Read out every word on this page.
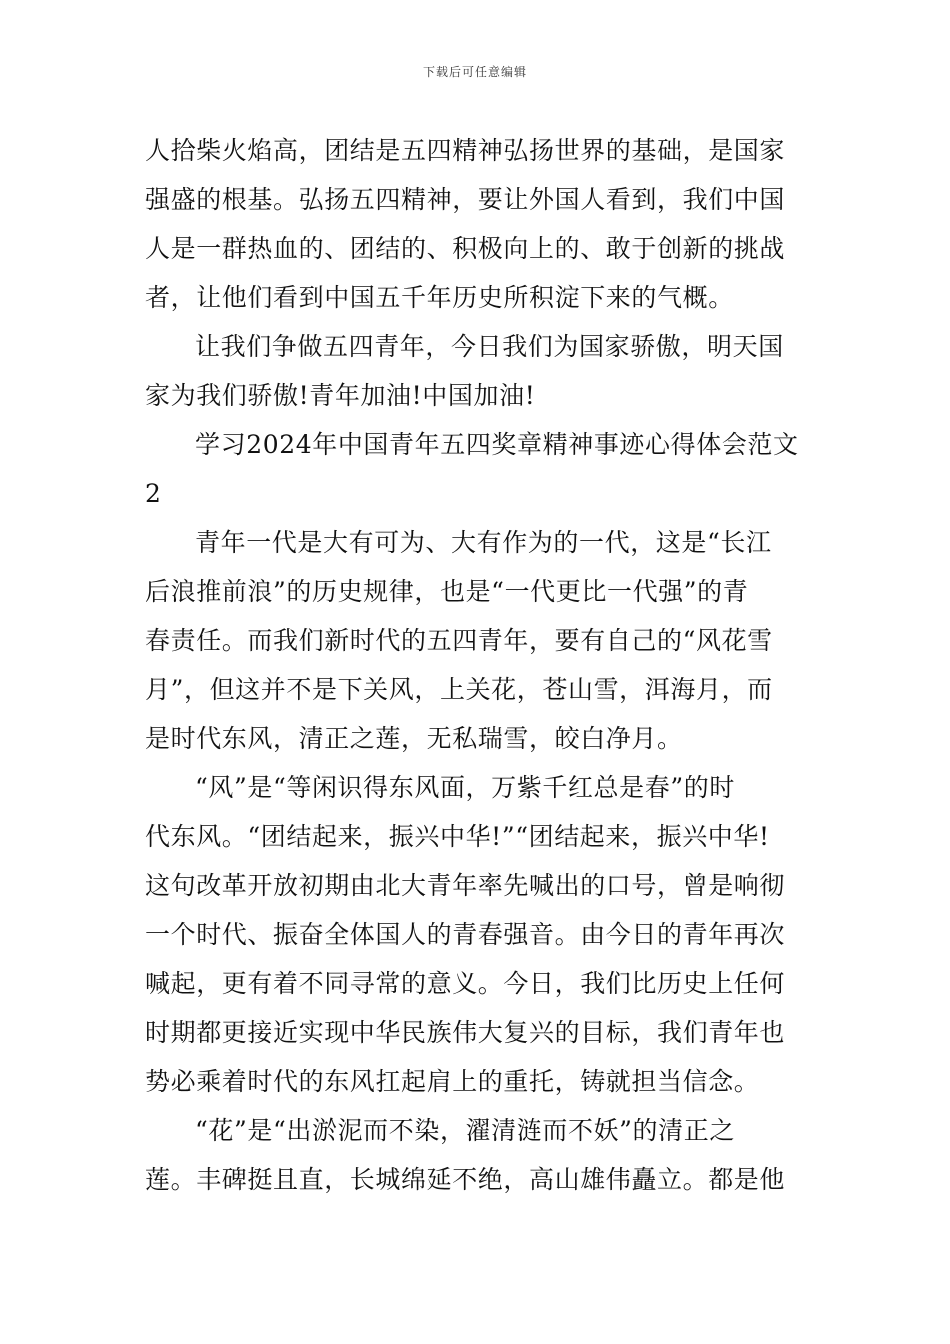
下载后可任意编辑
人拾柴火焰高，团结是五四精神弘扬世界的基础，是国家
强盛的根基。弘扬五四精神，要让外国人看到，我们中国
人是一群热血的、团结的、积极向上的、敢于创新的挑战
者，让他们看到中国五千年历史所积淀下来的气概。
让我们争做五四青年，今日我们为国家骄傲，明天国
家为我们骄傲!青年加油!中国加油!
学习2024年中国青年五四奖章精神事迹心得体会范文
2
青年一代是大有可为、大有作为的一代，这是“长江
后浪推前浪”的历史规律，也是“一代更比一代强”的青
春责任。而我们新时代的五四青年，要有自己的“风花雪
月”，但这并不是下关风，上关花，苍山雪，洱海月，而
是时代东风，清正之莲，无私瑞雪，皎白净月。
“风”是“等闲识得东风面，万紫千红总是春”的时
代东风。“团结起来，振兴中华!”“团结起来，振兴中华!
这句改革开放初期由北大青年率先喊出的口号，曾是响彻
一个时代、振奋全体国人的青春强音。由今日的青年再次
喊起，更有着不同寻常的意义。今日，我们比历史上任何
时期都更接近实现中华民族伟大复兴的目标，我们青年也
势必乘着时代的东风扛起肩上的重托，铸就担当信念。
“花”是“出淤泥而不染，濯清涟而不妖”的清正之
莲。丰碑挺且直，长城绵延不绝，高山雄伟矗立。都是他
